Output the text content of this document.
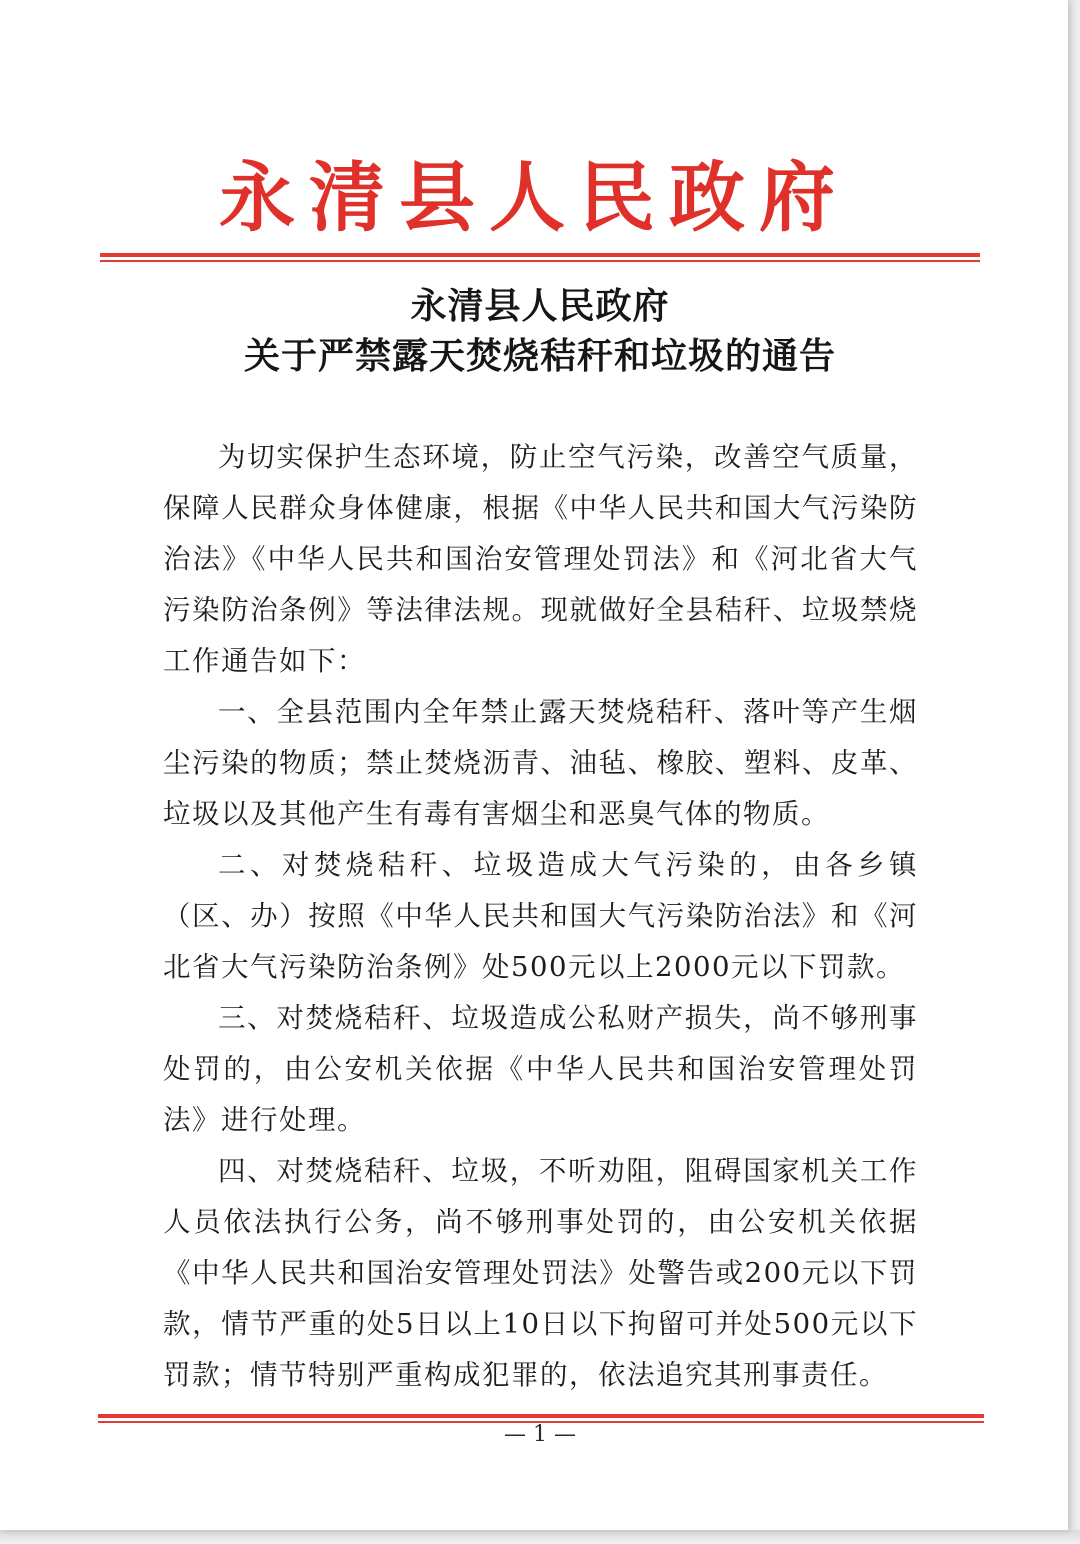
永清县人民政府
永清县人民政府
关于严禁露天焚烧秸秆和垃圾的通告

为切实保护生态环境，防止空气污染，改善空气质量，保障人民群众身体健康，根据《中华人民共和国大气污染防治法》《中华人民共和国治安管理处罚法》和《河北省大气污染防治条例》等法律法规。现就做好全县秸秆、垃圾禁烧工作通告如下：

一、全县范围内全年禁止露天焚烧秸秆、落叶等产生烟尘污染的物质；禁止焚烧沥青、油毡、橡胶、塑料、皮革、垃圾以及其他产生有毒有害烟尘和恶臭气体的物质。

二、对焚烧秸秆、垃圾造成大气污染的，由各乡镇（区、办）按照《中华人民共和国大气污染防治法》和《河北省大气污染防治条例》处500元以上2000元以下罚款。

三、对焚烧秸秆、垃圾造成公私财产损失，尚不够刑事处罚的，由公安机关依据《中华人民共和国治安管理处罚法》进行处理。

四、对焚烧秸秆、垃圾，不听劝阻，阻碍国家机关工作人员依法执行公务，尚不够刑事处罚的，由公安机关依据《中华人民共和国治安管理处罚法》处警告或200元以下罚款，情节严重的处5日以上10日以下拘留可并处500元以下罚款；情节特别严重构成犯罪的，依法追究其刑事责任。

— 1 —
